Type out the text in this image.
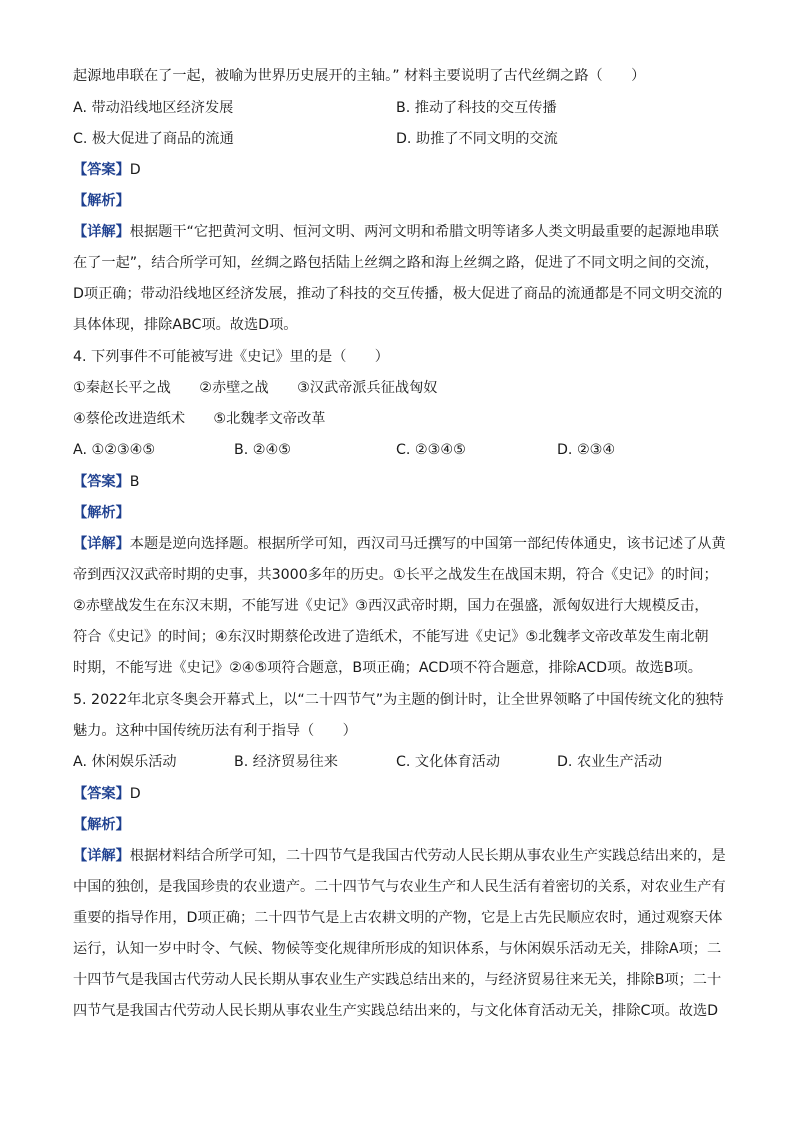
起源地串联在了一起，被喻为世界历史展开的主轴。” 材料主要说明了古代丝绸之路（　　）
A. 带动沿线地区经济发展	B. 推动了科技的交互传播
C. 极大促进了商品的流通	D. 助推了不同文明的交流
【答案】D
【解析】
【详解】根据题干“它把黄河文明、恒河文明、两河文明和希腊文明等诸多人类文明最重要的起源地串联
在了一起”，结合所学可知，丝绸之路包括陆上丝绸之路和海上丝绸之路，促进了不同文明之间的交流，
D项正确；带动沿线地区经济发展，推动了科技的交互传播，极大促进了商品的流通都是不同文明交流的
具体体现，排除ABC项。故选D项。
4. 下列事件不可能被写进《史记》里的是（　　）
①秦赵长平之战　　②赤壁之战　　③汉武帝派兵征战匈奴
④蔡伦改进造纸术　　⑤北魏孝文帝改革
A. ①②③④⑤	B. ②④⑤	C. ②③④⑤	D. ②③④
【答案】B
【解析】
【详解】本题是逆向选择题。根据所学可知，西汉司马迁撰写的中国第一部纪传体通史，该书记述了从黄
帝到西汉汉武帝时期的史事，共3000多年的历史。①长平之战发生在战国末期，符合《史记》的时间；
②赤壁战发生在东汉末期，不能写进《史记》③西汉武帝时期，国力在强盛，派匈奴进行大规模反击，
符合《史记》的时间；④东汉时期蔡伦改进了造纸术，不能写进《史记》⑤北魏孝文帝改革发生南北朝
时期，不能写进《史记》②④⑤项符合题意，B项正确；ACD项不符合题意，排除ACD项。故选B项。
5. 2022年北京冬奥会开幕式上，以“二十四节气”为主题的倒计时，让全世界领略了中国传统文化的独特
魅力。这种中国传统历法有利于指导（　　）
A. 休闲娱乐活动	B. 经济贸易往来	C. 文化体育活动	D. 农业生产活动
【答案】D
【解析】
【详解】根据材料结合所学可知，二十四节气是我国古代劳动人民长期从事农业生产实践总结出来的，是
中国的独创，是我国珍贵的农业遗产。二十四节气与农业生产和人民生活有着密切的关系，对农业生产有
重要的指导作用，D项正确；二十四节气是上古农耕文明的产物，它是上古先民顺应农时，通过观察天体
运行，认知一岁中时令、气候、物候等变化规律所形成的知识体系，与休闲娱乐活动无关，排除A项；二
十四节气是我国古代劳动人民长期从事农业生产实践总结出来的，与经济贸易往来无关，排除B项；二十
四节气是我国古代劳动人民长期从事农业生产实践总结出来的，与文化体育活动无关，排除C项。故选D
